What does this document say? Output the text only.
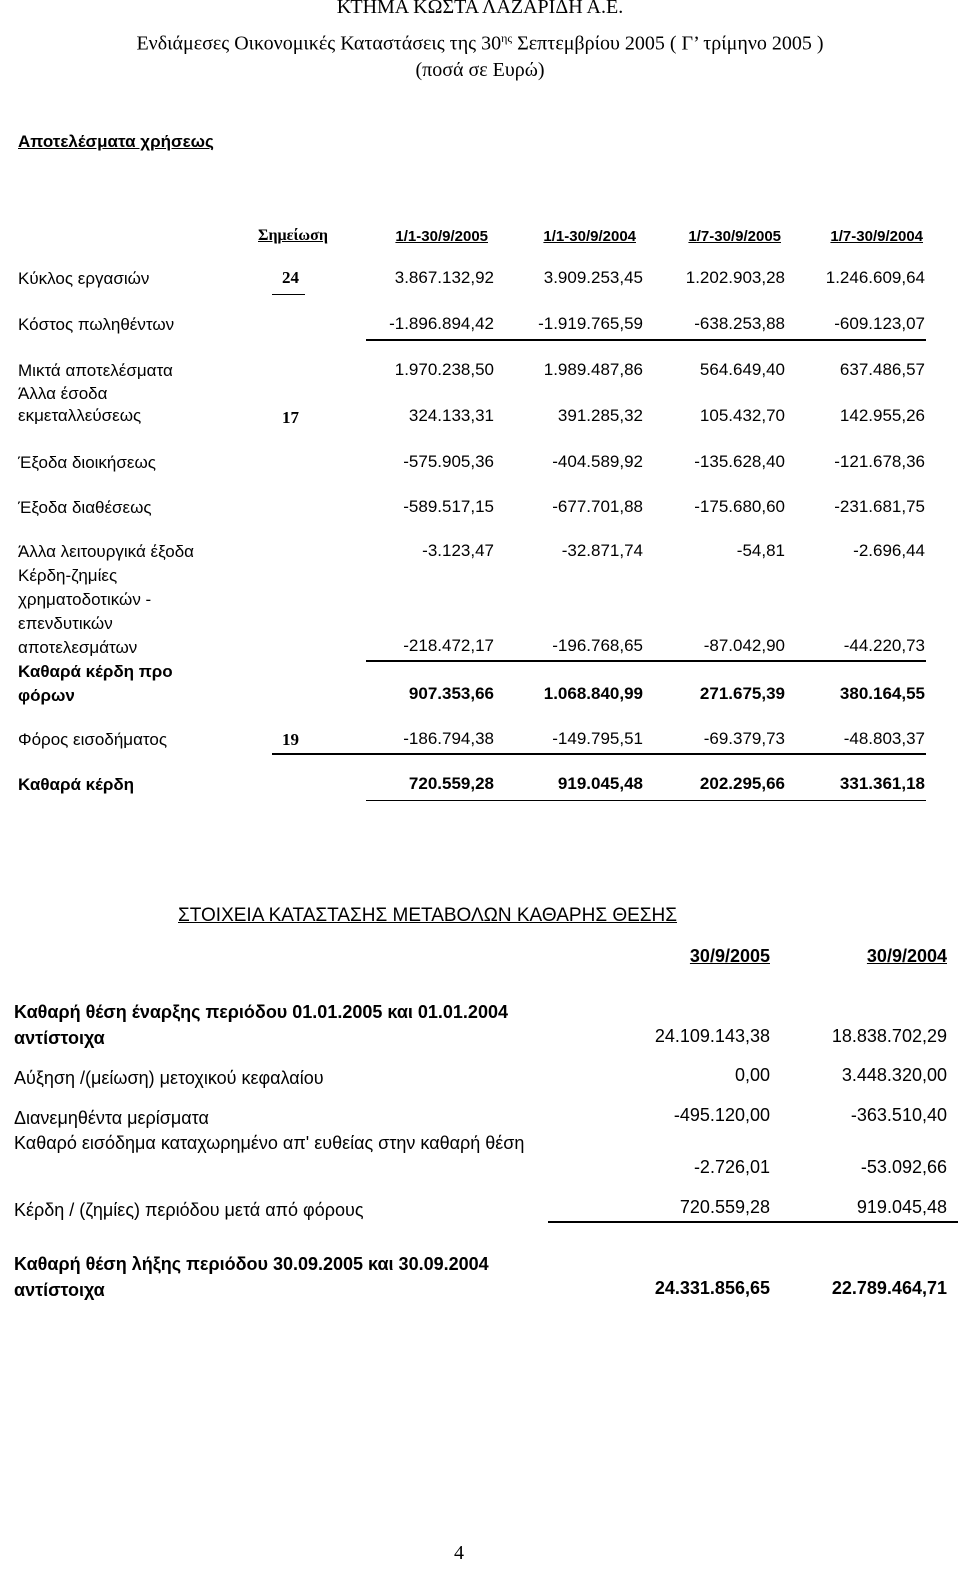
ΚΤΗΜΑ ΚΩΣΤΑ ΛΑΖΑΡΙΔΗ Α.Ε.
Ενδιάμεσες Οικονομικές Καταστάσεις της $30^{\eta\varsigma}$ Σεπτεμβρίου 2005 ( Γ’ τρίμηνο 2005 )
(ποσά σε Ευρώ)
Αποτελέσματα χρήσεως
Σημείωση	1/1-30/9/2005	1/1-30/9/2004	1/7-30/9/2005	1/7-30/9/2004
Κύκλος εργασιών	24	3.867.132,92	3.909.253,45	1.202.903,28 1.246.609,64
Κόστος πωληθέντων	-1.896.894,42	-1.919.765,59	-638.253,88	-609.123,07
Μικτά αποτελέσματα	1.970.238,50	1.989.487,86	564.649,40	637.486,57
Άλλα έσοδα εκμεταλλεύσεως	17	324.133,31	391.285,32	105.432,70	142.955,26
Έξοδα διοικήσεως	-575.905,36	-404.589,92	-135.628,40	-121.678,36
Έξοδα διαθέσεως	-589.517,15	-677.701,88	-175.680,60	-231.681,75
Άλλα λειτουργικά έξοδα	-3.123,47	-32.871,74	-54,81	-2.696,44
Κέρδη-ζημίες χρηματοδοτικών - επενδυτικών αποτελεσμάτων	-218.472,17	-196.768,65	-87.042,90	-44.220,73
Καθαρά κέρδη προ φόρων	907.353,66	1.068.840,99	271.675,39	380.164,55
Φόρος εισοδήματος	19	-186.794,38	-149.795,51	-69.379,73	-48.803,37
Καθαρά κέρδη	720.559,28	919.045,48	202.295,66	331.361,18
ΣΤΟΙΧΕΙΑ ΚΑΤΑΣΤΑΣΗΣ ΜΕΤΑΒΟΛΩΝ ΚΑΘΑΡΗΣ ΘΕΣΗΣ
30/9/2005	30/9/2004
Καθαρή θέση έναρξης περιόδου 01.01.2005 και 01.01.2004 αντίστοιχα	24.109.143,38	18.838.702,29
Αύξηση /(μείωση) μετοχικού κεφαλαίου	0,00	3.448.320,00
Διανεμηθέντα μερίσματα	-495.120,00	-363.510,40
Καθαρό εισόδημα καταχωρημένο απ' ευθείας στην καθαρή θέση
-2.726,01	-53.092,66
Κέρδη / (ζημίες) περιόδου μετά από φόρους	720.559,28	919.045,48
Καθαρή θέση λήξης περιόδου 30.09.2005 και 30.09.2004 αντίστοιχα	24.331.856,65	22.789.464,71
4
